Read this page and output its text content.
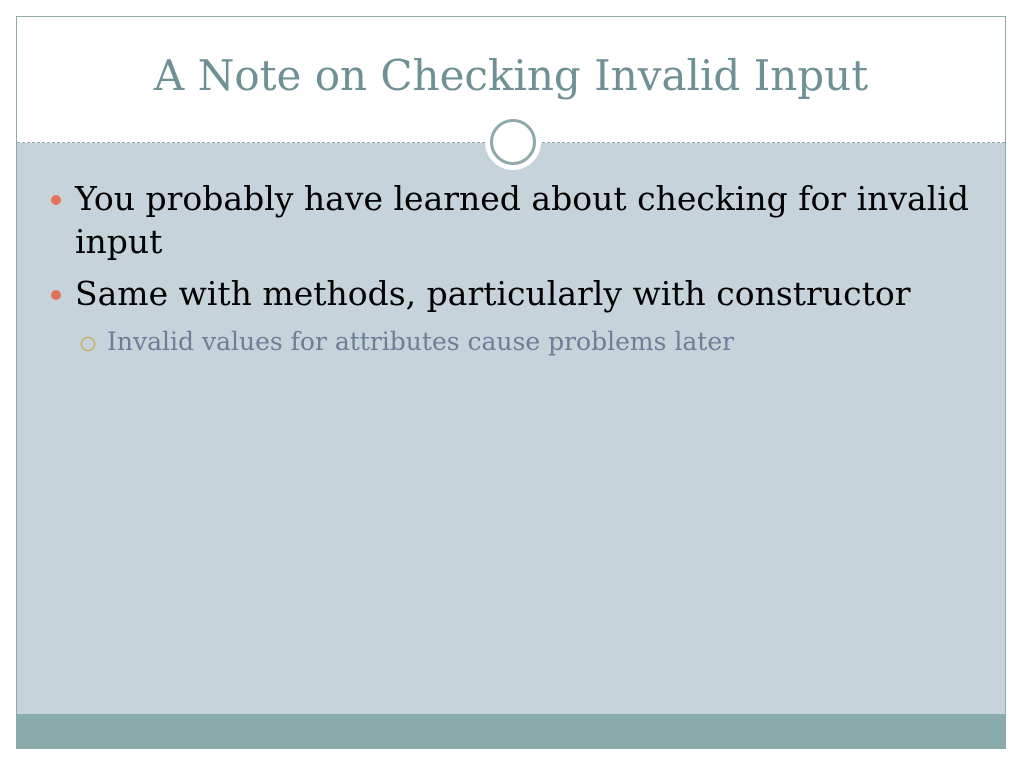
A Note on Checking Invalid Input
You probably have learned about checking for invalid input
Same with methods, particularly with constructor
Invalid values for attributes cause problems later
